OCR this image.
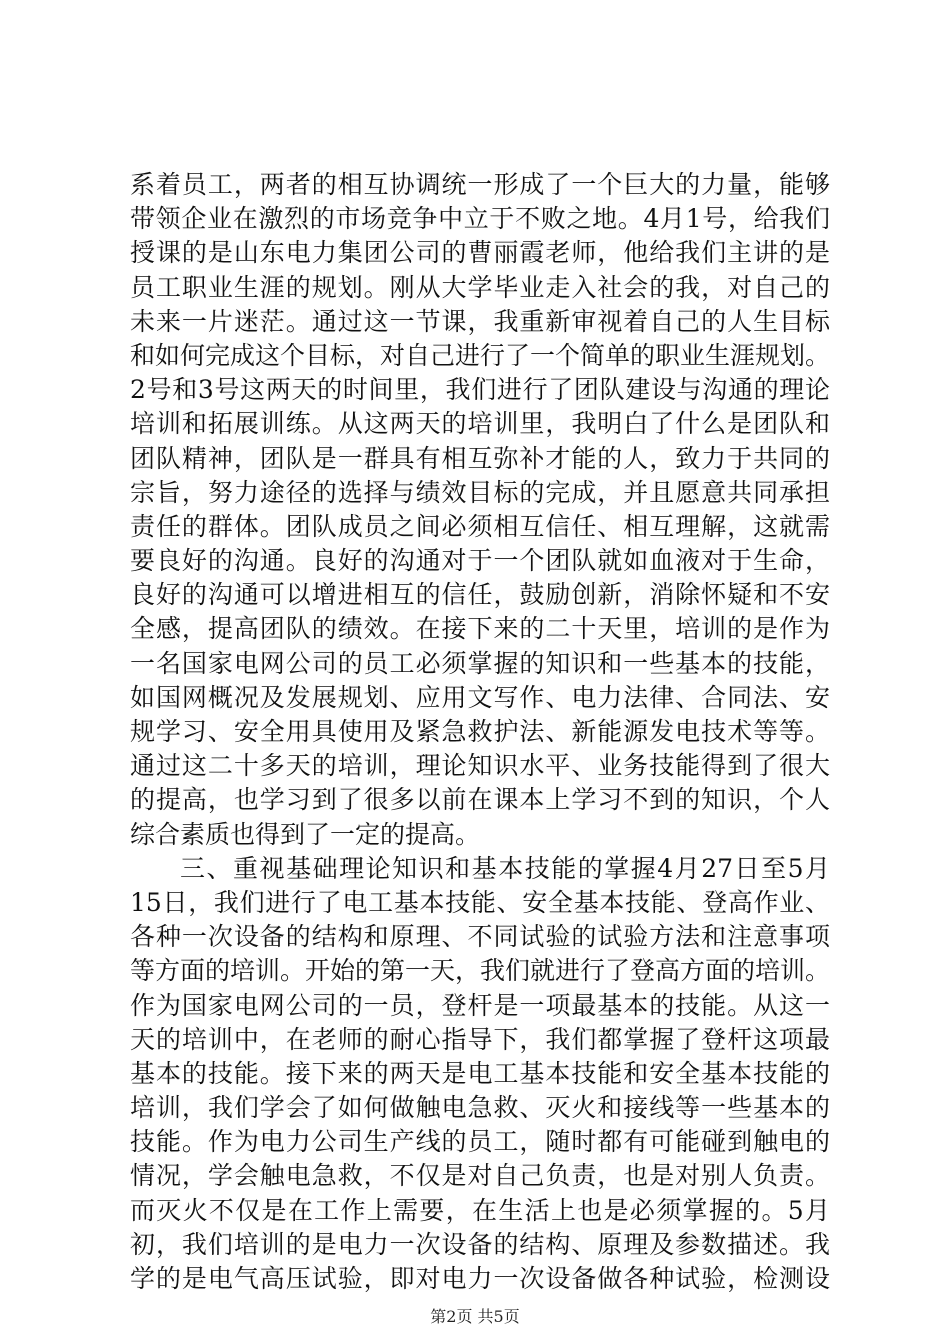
系着员工，两者的相互协调统一形成了一个巨大的力量，能够
带领企业在激烈的市场竞争中立于不败之地。4月1号，给我们
授课的是山东电力集团公司的曹丽霞老师，他给我们主讲的是
员工职业生涯的规划。刚从大学毕业走入社会的我，对自己的
未来一片迷茫。通过这一节课，我重新审视着自己的人生目标
和如何完成这个目标，对自己进行了一个简单的职业生涯规划。
2号和3号这两天的时间里，我们进行了团队建设与沟通的理论
培训和拓展训练。从这两天的培训里，我明白了什么是团队和
团队精神，团队是一群具有相互弥补才能的人，致力于共同的
宗旨，努力途径的选择与绩效目标的完成，并且愿意共同承担
责任的群体。团队成员之间必须相互信任、相互理解，这就需
要良好的沟通。良好的沟通对于一个团队就如血液对于生命，
良好的沟通可以增进相互的信任，鼓励创新，消除怀疑和不安
全感，提高团队的绩效。在接下来的二十天里，培训的是作为
一名国家电网公司的员工必须掌握的知识和一些基本的技能，
如国网概况及发展规划、应用文写作、电力法律、合同法、安
规学习、安全用具使用及紧急救护法、新能源发电技术等等。
通过这二十多天的培训，理论知识水平、业务技能得到了很大
的提高，也学习到了很多以前在课本上学习不到的知识，个人
综合素质也得到了一定的提高。
三、重视基础理论知识和基本技能的掌握4月27日至5月
15日，我们进行了电工基本技能、安全基本技能、登高作业、
各种一次设备的结构和原理、不同试验的试验方法和注意事项
等方面的培训。开始的第一天，我们就进行了登高方面的培训。
作为国家电网公司的一员，登杆是一项最基本的技能。从这一
天的培训中，在老师的耐心指导下，我们都掌握了登杆这项最
基本的技能。接下来的两天是电工基本技能和安全基本技能的
培训，我们学会了如何做触电急救、灭火和接线等一些基本的
技能。作为电力公司生产线的员工，随时都有可能碰到触电的
情况，学会触电急救，不仅是对自己负责，也是对别人负责。
而灭火不仅是在工作上需要，在生活上也是必须掌握的。5月
初，我们培训的是电力一次设备的结构、原理及参数描述。我
学的是电气高压试验，即对电力一次设备做各种试验，检测设
第2页 共5页
